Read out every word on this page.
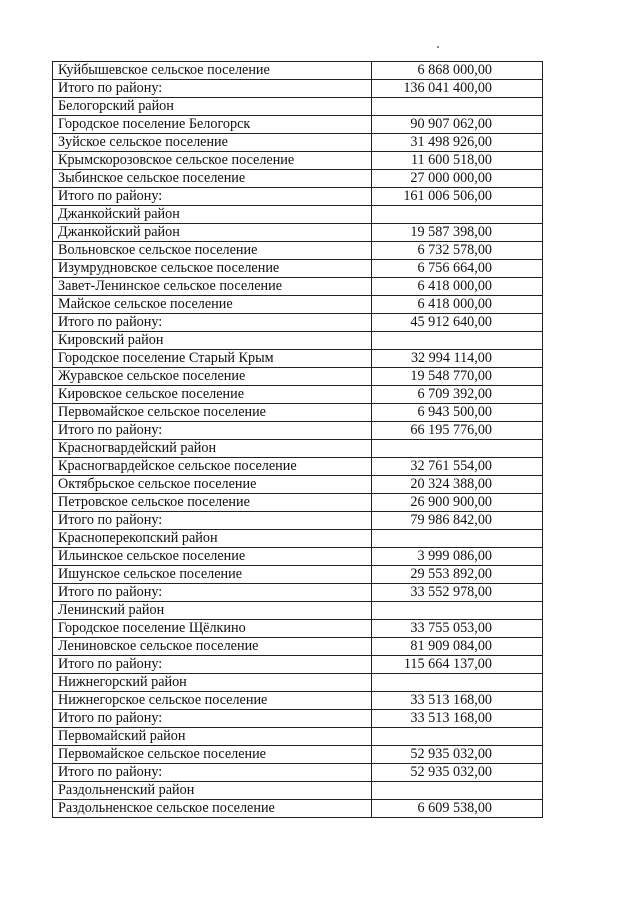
Куйбышевское сельское поселение	6 868 000,00
Итого по району:	136 041 400,00
Белогорский район	
Городское поселение Белогорск	90 907 062,00
Зуйское сельское поселение	31 498 926,00
Крымскорозовское сельское поселение	11 600 518,00
Зыбинское сельское поселение	27 000 000,00
Итого по району:	161 006 506,00
Джанкойский район	
Джанкойский район	19 587 398,00
Вольновское сельское поселение	6 732 578,00
Изумрудновское сельское поселение	6 756 664,00
Завет-Ленинское сельское поселение	6 418 000,00
Майское сельское поселение	6 418 000,00
Итого по району:	45 912 640,00
Кировский район	
Городское поселение Старый Крым	32 994 114,00
Журавское сельское поселение	19 548 770,00
Кировское сельское поселение	6 709 392,00
Первомайское сельское поселение	6 943 500,00
Итого по району:	66 195 776,00
Красногвардейский район	
Красногвардейское сельское поселение	32 761 554,00
Октябрьское сельское поселение	20 324 388,00
Петровское сельское поселение	26 900 900,00
Итого по району:	79 986 842,00
Красноперекопский район	
Ильинское сельское поселение	3 999 086,00
Ишунское сельское поселение	29 553 892,00
Итого по району:	33 552 978,00
Ленинский район	
Городское поселение Щёлкино	33 755 053,00
Лениновское сельское поселение	81 909 084,00
Итого по району:	115 664 137,00
Нижнегорский район	
Нижнегорское сельское поселение	33 513 168,00
Итого по району:	33 513 168,00
Первомайский район	
Первомайское сельское поселение	52 935 032,00
Итого по району:	52 935 032,00
Раздольненский район	
Раздольненское сельское поселение	6 609 538,00
